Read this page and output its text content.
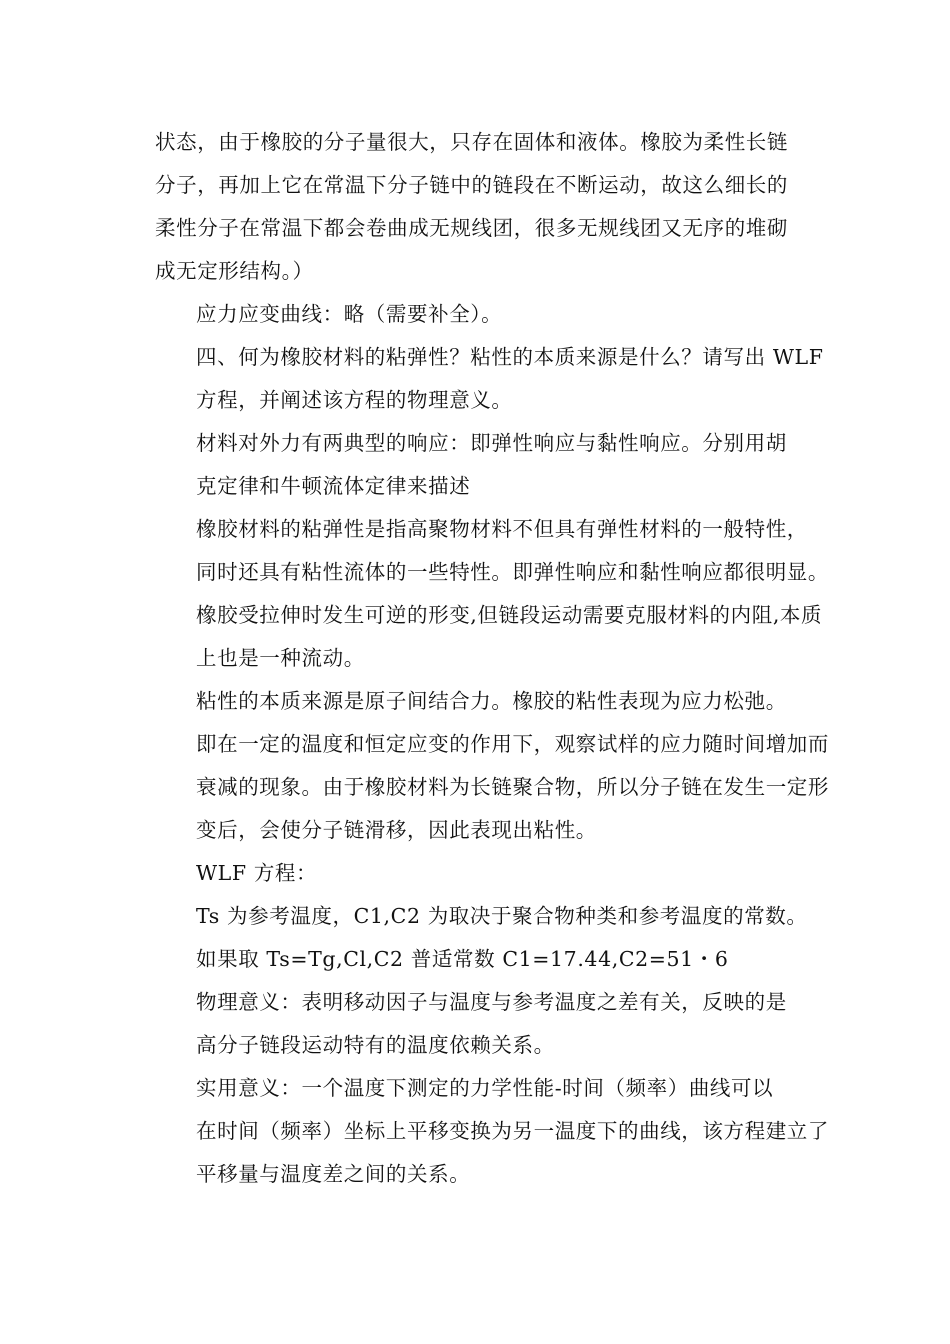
状态，由于橡胶的分子量很大，只存在固体和液体。橡胶为柔性长链
分子，再加上它在常温下分子链中的链段在不断运动，故这么细长的
柔性分子在常温下都会卷曲成无规线团，很多无规线团又无序的堆砌
成无定形结构。）
应力应变曲线：略（需要补全）。
四、何为橡胶材料的粘弹性？粘性的本质来源是什么？请写出 WLF
方程，并阐述该方程的物理意义。
材料对外力有两典型的响应：即弹性响应与黏性响应。分别用胡
克定律和牛顿流体定律来描述
橡胶材料的粘弹性是指高聚物材料不但具有弹性材料的一般特性，
同时还具有粘性流体的一些特性。即弹性响应和黏性响应都很明显。
橡胶受拉伸时发生可逆的形变,但链段运动需要克服材料的内阻,本质
上也是一种流动。
粘性的本质来源是原子间结合力。橡胶的粘性表现为应力松弛。
即在一定的温度和恒定应变的作用下，观察试样的应力随时间增加而
衰减的现象。由于橡胶材料为长链聚合物，所以分子链在发生一定形
变后，会使分子链滑移，因此表现出粘性。
WLF 方程：
Ts 为参考温度，C1,C2 为取决于聚合物种类和参考温度的常数。
如果取 Ts=Tg,Cl,C2 普适常数 C1=17.44,C2=51・6
物理意义：表明移动因子与温度与参考温度之差有关，反映的是
高分子链段运动特有的温度依赖关系。
实用意义：一个温度下测定的力学性能-时间（频率）曲线可以
在时间（频率）坐标上平移变换为另一温度下的曲线，该方程建立了
平移量与温度差之间的关系。
